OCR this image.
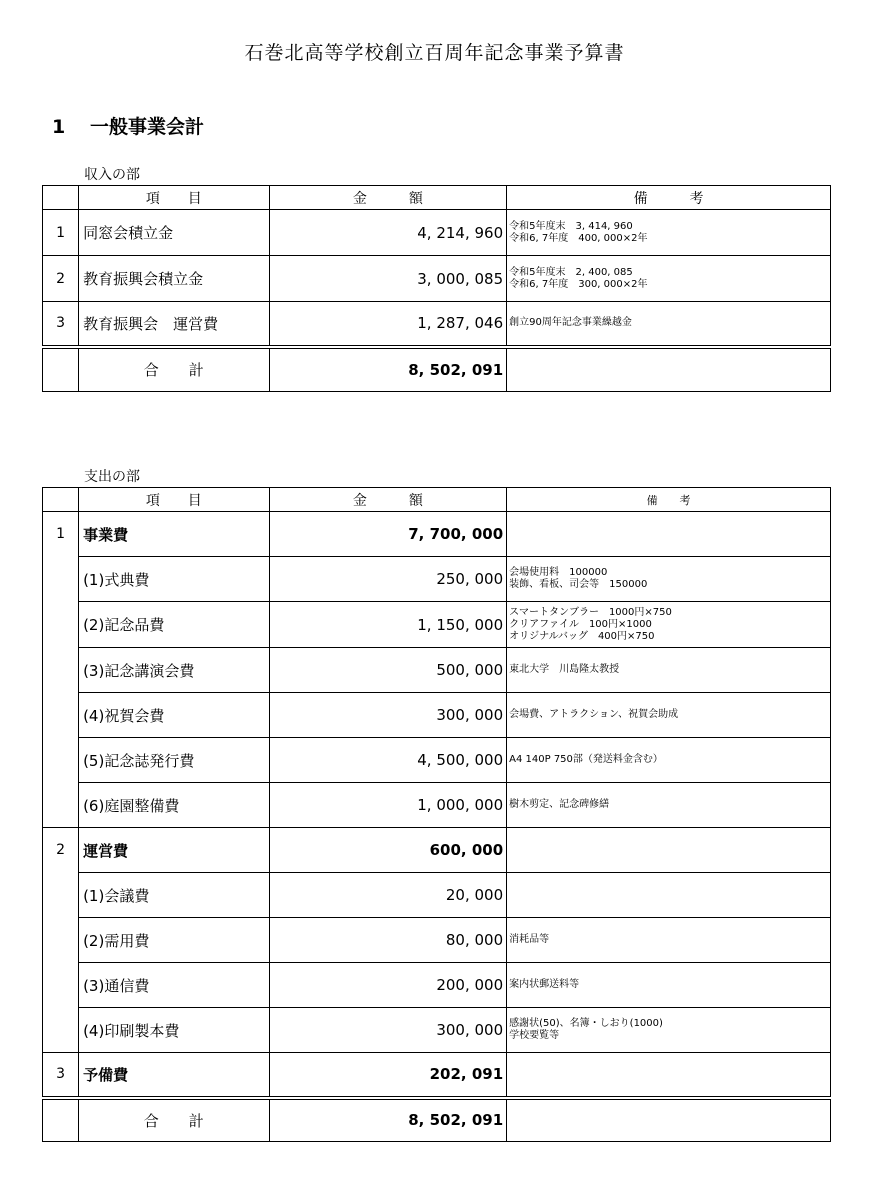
石巻北高等学校創立百周年記念事業予算書
1 一般事業会計
収入の部
	項　　目	金　　　額	備　　　考
1	同窓会積立金	4, 214, 960	令和5年度末　3, 414, 960
令和6, 7年度　400, 000×2年
2	教育振興会積立金	3, 000, 085	令和5年度末　2, 400, 085
令和6, 7年度　300, 000×2年
3	教育振興会　運営費	1, 287, 046	創立90周年記念事業繰越金
	合　　計	8, 502, 091	
支出の部
	項　　目	金　　　額	備　　考
1	事業費	7, 700, 000	
	(1)式典費	250, 000	会場使用料　100000
装飾、看板、司会等　150000
	(2)記念品費	1, 150, 000	スマートタンブラー　1000円×750
クリアファイル　100円×1000
オリジナルバッグ　400円×750
	(3)記念講演会費	500, 000	東北大学　川島隆太教授
	(4)祝賀会費	300, 000	会場費、アトラクション、祝賀会助成
	(5)記念誌発行費	4, 500, 000	A4 140P 750部（発送料金含む）
	(6)庭園整備費	1, 000, 000	樹木剪定、記念碑修繕
2	運営費	600, 000	
	(1)会議費	20, 000	
	(2)需用費	80, 000	消耗品等
	(3)通信費	200, 000	案内状郵送料等
	(4)印刷製本費	300, 000	感謝状(50)、名簿・しおり(1000)
学校要覧等
3	予備費	202, 091	
	合　　計	8, 502, 091	
